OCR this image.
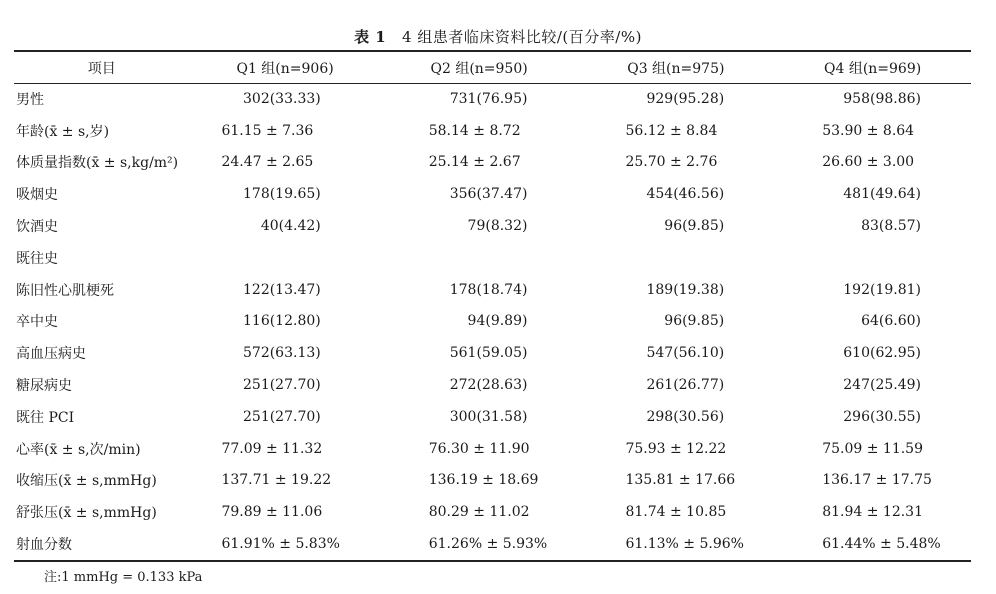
表 1 4 组患者临床资料比较/(百分率/%)
项目	Q1 组(n=906)	Q2 组(n=950)	Q3 组(n=975)	Q4 组(n=969)
男性	302(33.33)	731(76.95)	929(95.28)	958(98.86)
年龄(x̄ ± s,岁)	61.15 ± 7.36	58.14 ± 8.72	56.12 ± 8.84	53.90 ± 8.64
体质量指数(x̄ ± s,kg/m²)	24.47 ± 2.65	25.14 ± 2.67	25.70 ± 2.76	26.60 ± 3.00
吸烟史	178(19.65)	356(37.47)	454(46.56)	481(49.64)
饮酒史	40(4.42)	79(8.32)	96(9.85)	83(8.57)
既往史				
陈旧性心肌梗死	122(13.47)	178(18.74)	189(19.38)	192(19.81)
卒中史	116(12.80)	94(9.89)	96(9.85)	64(6.60)
高血压病史	572(63.13)	561(59.05)	547(56.10)	610(62.95)
糖尿病史	251(27.70)	272(28.63)	261(26.77)	247(25.49)
既往 PCI	251(27.70)	300(31.58)	298(30.56)	296(30.55)
心率(x̄ ± s,次/min)	77.09 ± 11.32	76.30 ± 11.90	75.93 ± 12.22	75.09 ± 11.59
收缩压(x̄ ± s,mmHg)	137.71 ± 19.22	136.19 ± 18.69	135.81 ± 17.66	136.17 ± 17.75
舒张压(x̄ ± s,mmHg)	79.89 ± 11.06	80.29 ± 11.02	81.74 ± 10.85	81.94 ± 12.31
射血分数	61.91% ± 5.83%	61.26% ± 5.93%	61.13% ± 5.96%	61.44% ± 5.48%
注:1 mmHg = 0.133 kPa
